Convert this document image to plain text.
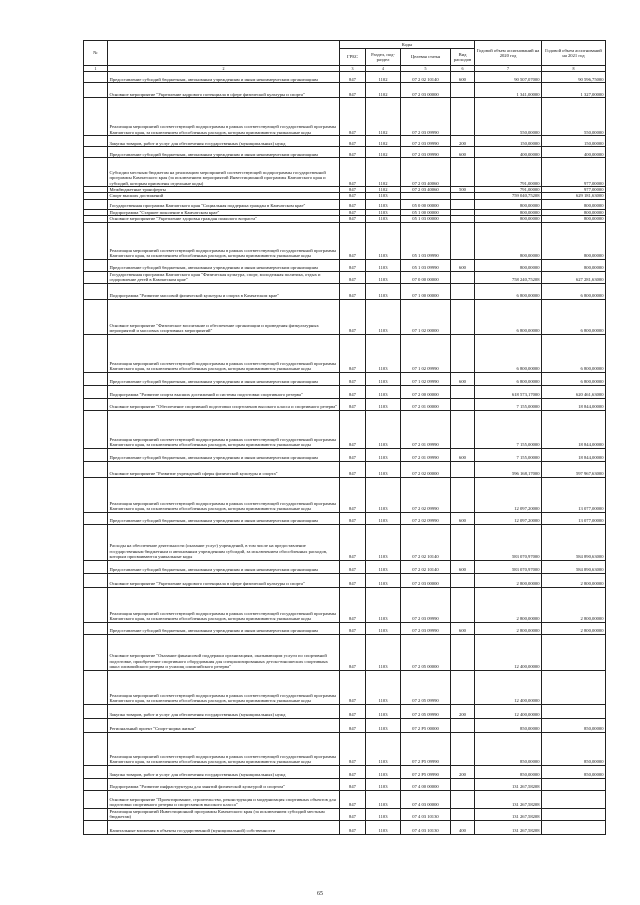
№		Коды				Годовой объем ассигнований на 2020 год	Годовой объем ассигнований на 2021 год
		ГРБС	Раздел, под-раздел	Целевая статья	Вид расходов		
1	2	3	4	5	6	7	8
	Предоставление субсидий бюджетным, автономным учреждениям и иным некоммерческим организациям	847	1102	07 2 02 10140	600	90 507,07000	90 596,75000
	Основное мероприятие "Укрепление кадрового потенциала в сфере физической культуры и спорта"	847	1102	07 2 03 00000		1 341,00000	1 327,00000
	Реализация мероприятий соответствующей подпрограммы в рамках соответствующей государственной программы Камчатского края, за исключением обособленных расходов, которым присваиваются уникальные коды	847	1102	07 2 03 09990		550,00000	550,00000
	Закупка товаров, работ и услуг для обеспечения государственных (муниципальных) нужд	847	1102	07 2 03 09990	200	150,00000	150,00000
	Предоставление субсидий бюджетным, автономным учреждениям и иным некоммерческим организациям	847	1102	07 2 03 09990	600	400,00000	400,00000
	Субсидии местным бюджетам на реализацию мероприятий соответствующей подпрограммы государственной программы Камчатского края (за исключением мероприятий Инвестиционной программы Камчатского края и субсидий, которым присвоены отдельные коды)	847	1102	07 2 03 40060		791,00000	977,00000
	Межбюджетные трансферты	847	1102	07 2 03 40060	500	791,00000	977,00000
	Спорт высших достижений	847	1103			759 040,75208	629 181,63000
	Государственная программа Камчатского края "Социальная поддержка граждан в Камчатском крае"	847	1103	05 0 00 00000		800,00000	800,00000
	Подпрограмма "Старшее поколение в Камчатском крае"	847	1103	05 1 00 00000		800,00000	800,00000
	Основное мероприятие "Укрепление здоровья граждан пожилого возраста"	847	1103	05 1 03 00000		800,00000	800,00000
	Реализация мероприятий соответствующей подпрограммы в рамках соответствующей государственной программы Камчатского края, за исключением обособленных расходов, которым присваиваются уникальные коды	847	1103	05 1 03 09990		800,00000	800,00000
	Предоставление субсидий бюджетным, автономным учреждениям и иным некоммерческим организациям	847	1103	05 1 03 09990	600	800,00000	800,00000
	Государственная программа Камчатского края "Физическая культура, спорт, молодежная политика, отдых и оздоровление детей в Камчатском крае"	847	1103	07 0 00 00000		758 240,75208	627 281,63000
	Подпрограмма "Развитие массовой физической культуры и спорта в Камчатском крае"	847	1103	07 1 00 00000		6 800,00000	6 800,00000
	Основное мероприятие "Физическое воспитание и обеспечение организации и проведения физкультурных мероприятий и массовых спортивных мероприятий"	847	1103	07 1 02 00000		6 800,00000	6 800,00000
	Реализация мероприятий соответствующей подпрограммы в рамках соответствующей государственной программы Камчатского края, за исключением обособленных расходов, которым присваиваются уникальные коды	847	1103	07 1 02 09990		6 800,00000	6 800,00000
	Предоставление субсидий бюджетным, автономным учреждениям и иным некоммерческим организациям	847	1103	07 1 02 09990	600	6 800,00000	6 800,00000
	Подпрограмма "Развитие спорта высших достижений и системы подготовки спортивного резерва"	847	1103	07 2 00 00000		618 573,17000	620 461,63000
	Основное мероприятие "Обеспечение спортивной подготовки спортсменов высокого класса и спортивного резерва"	847	1103	07 2 01 00000		7 155,00000	18 844,00000
	Реализация мероприятий соответствующей подпрограммы в рамках соответствующей государственной программы Камчатского края, за исключением обособленных расходов, которым присваиваются уникальные коды	847	1103	07 2 01 09990		7 155,00000	18 844,00000
	Предоставление субсидий бюджетным, автономным учреждениям и иным некоммерческим организациям	847	1103	07 2 01 09990	600	7 155,00000	18 844,00000
	Основное мероприятие "Развитие учреждений сферы физической культуры и спорта"	847	1103	07 2 02 00000		596 168,17000	597 967,63000
	Реализация мероприятий соответствующей подпрограммы в рамках соответствующей государственной программы Камчатского края, за исключением обособленных расходов, которым присваиваются уникальные коды	847	1103	07 2 02 09990		12 097,20000	13 077,00000
	Предоставление субсидий бюджетным, автономным учреждениям и иным некоммерческим организациям	847	1103	07 2 02 09990	600	12 097,20000	13 077,00000
	Расходы на обеспечение деятельности (оказание услуг) учреждений, в том числе на предоставление государственным бюджетным и автономным учреждениям субсидий, за исключением обособленных расходов, которым присваиваются уникальные коды	847	1103	07 2 02 10140		583 070,97000	584 890,63000
	Предоставление субсидий бюджетным, автономным учреждениям и иным некоммерческим организациям	847	1103	07 2 02 10140	600	583 070,97000	584 890,63000
	Основное мероприятие "Укрепление кадрового потенциала в сфере физической культуры и спорта"	847	1103	07 2 03 00000		2 800,00000	2 800,00000
	Реализация мероприятий соответствующей подпрограммы в рамках соответствующей государственной программы Камчатского края, за исключением обособленных расходов, которым присваиваются уникальные коды	847	1103	07 2 03 09990		2 800,00000	2 800,00000
	Предоставление субсидий бюджетным, автономным учреждениям и иным некоммерческим организациям	847	1103	07 2 03 09990	600	2 800,00000	2 800,00000
	Основное мероприятие "Оказание финансовой поддержки организациям, оказывающим услуги по спортивной подготовке, приобретение спортивного оборудования для специализированных детско-юношеских спортивных школ олимпийского резерва и училищ олимпийского резерва"	847	1103	07 2 05 00000		12 400,00000	
	Реализация мероприятий соответствующей подпрограммы в рамках соответствующей государственной программы Камчатского края, за исключением обособленных расходов, которым присваиваются уникальные коды	847	1103	07 2 05 09990		12 400,00000	
	Закупка товаров, работ и услуг для обеспечения государственных (муниципальных) нужд	847	1103	07 2 05 09990	200	12 400,00000	
	Региональный проект "Спорт-норма жизни"	847	1103	07 2 P5 00000		850,00000	850,00000
	Реализация мероприятий соответствующей подпрограммы в рамках соответствующей государственной программы Камчатского края, за исключением обособленных расходов, которым присваиваются уникальные коды	847	1103	07 2 P5 09990		850,00000	850,00000
	Закупка товаров, работ и услуг для обеспечения государственных (муниципальных) нужд	847	1103	07 2 P5 09990	200	850,00000	850,00000
	Подпрограмма "Развитие инфраструктуры для занятий физической культурой и спортом"	847	1103	07 4 00 00000		131 267,58208	
	Основное мероприятие "Проектирование, строительство, реконструкция и модернизация спортивных объектов для подготовки спортивного резерва и спортсменов высокого класса"	847	1103	07 4 03 00000		131 267,58208	
	Реализация мероприятий Инвестиционной программы Камчатского края (за исключением субсидий местным бюджетам)	847	1103	07 4 03 10130		131 267,58208	
	Капитальные вложения в объекты государственной (муниципальной) собственности	847	1103	07 4 03 10130	400	131 267,58208	
65
